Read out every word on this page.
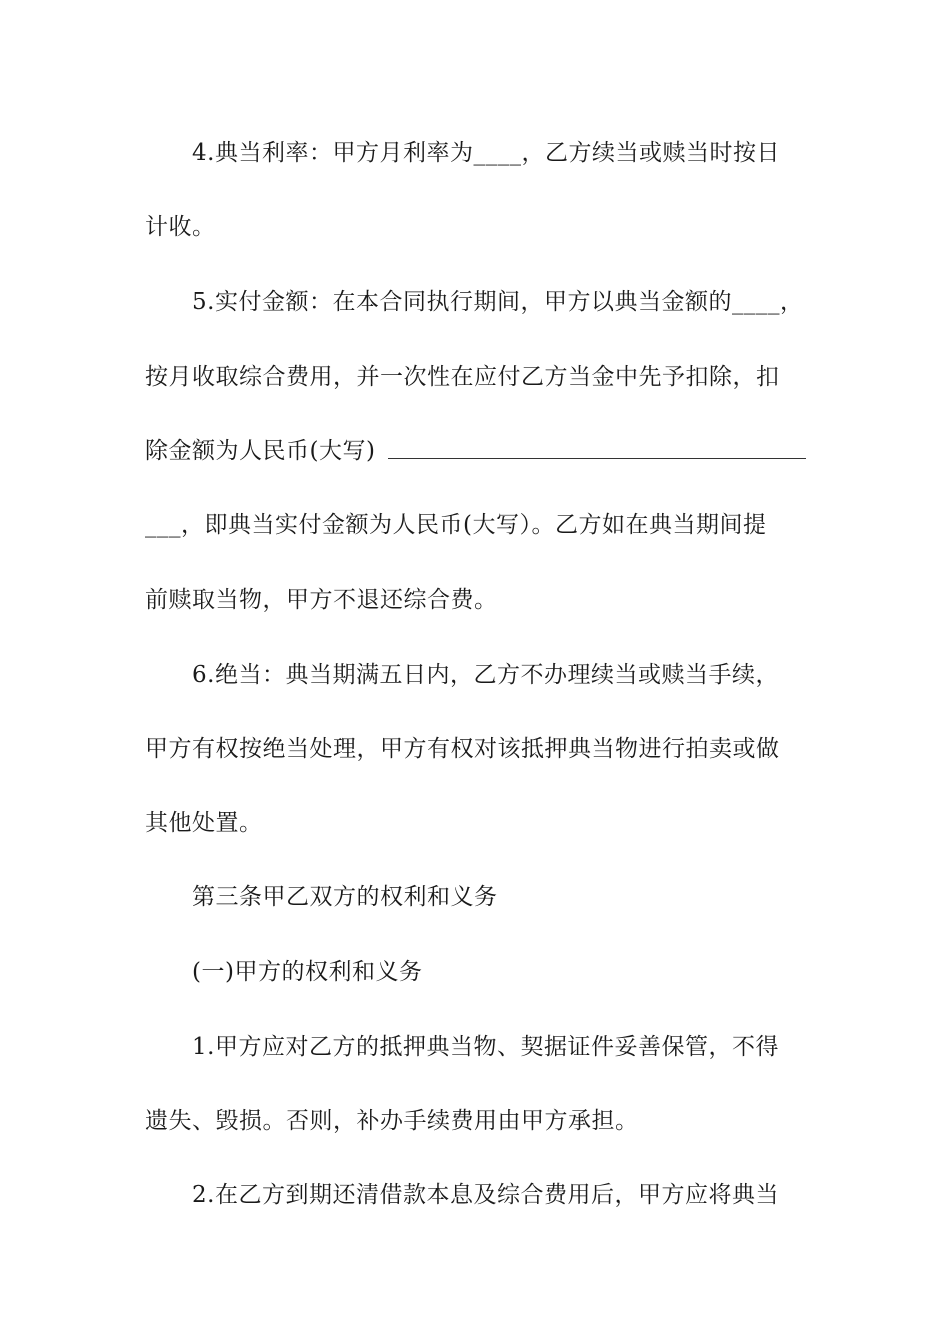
4.典当利率：甲方月利率为____，乙方续当或赎当时按日
计收。
5.实付金额：在本合同执行期间，甲方以典当金额的____，
按月收取综合费用，并一次性在应付乙方当金中先予扣除，扣
除金额为人民币(大写)
___，即典当实付金额为人民币(大写）。乙方如在典当期间提
前赎取当物，甲方不退还综合费。
6.绝当：典当期满五日内，乙方不办理续当或赎当手续，
甲方有权按绝当处理，甲方有权对该抵押典当物进行拍卖或做
其他处置。
第三条甲乙双方的权利和义务
(一)甲方的权利和义务
1.甲方应对乙方的抵押典当物、契据证件妥善保管，不得
遗失、毁损。否则，补办手续费用由甲方承担。
2.在乙方到期还清借款本息及综合费用后，甲方应将典当
